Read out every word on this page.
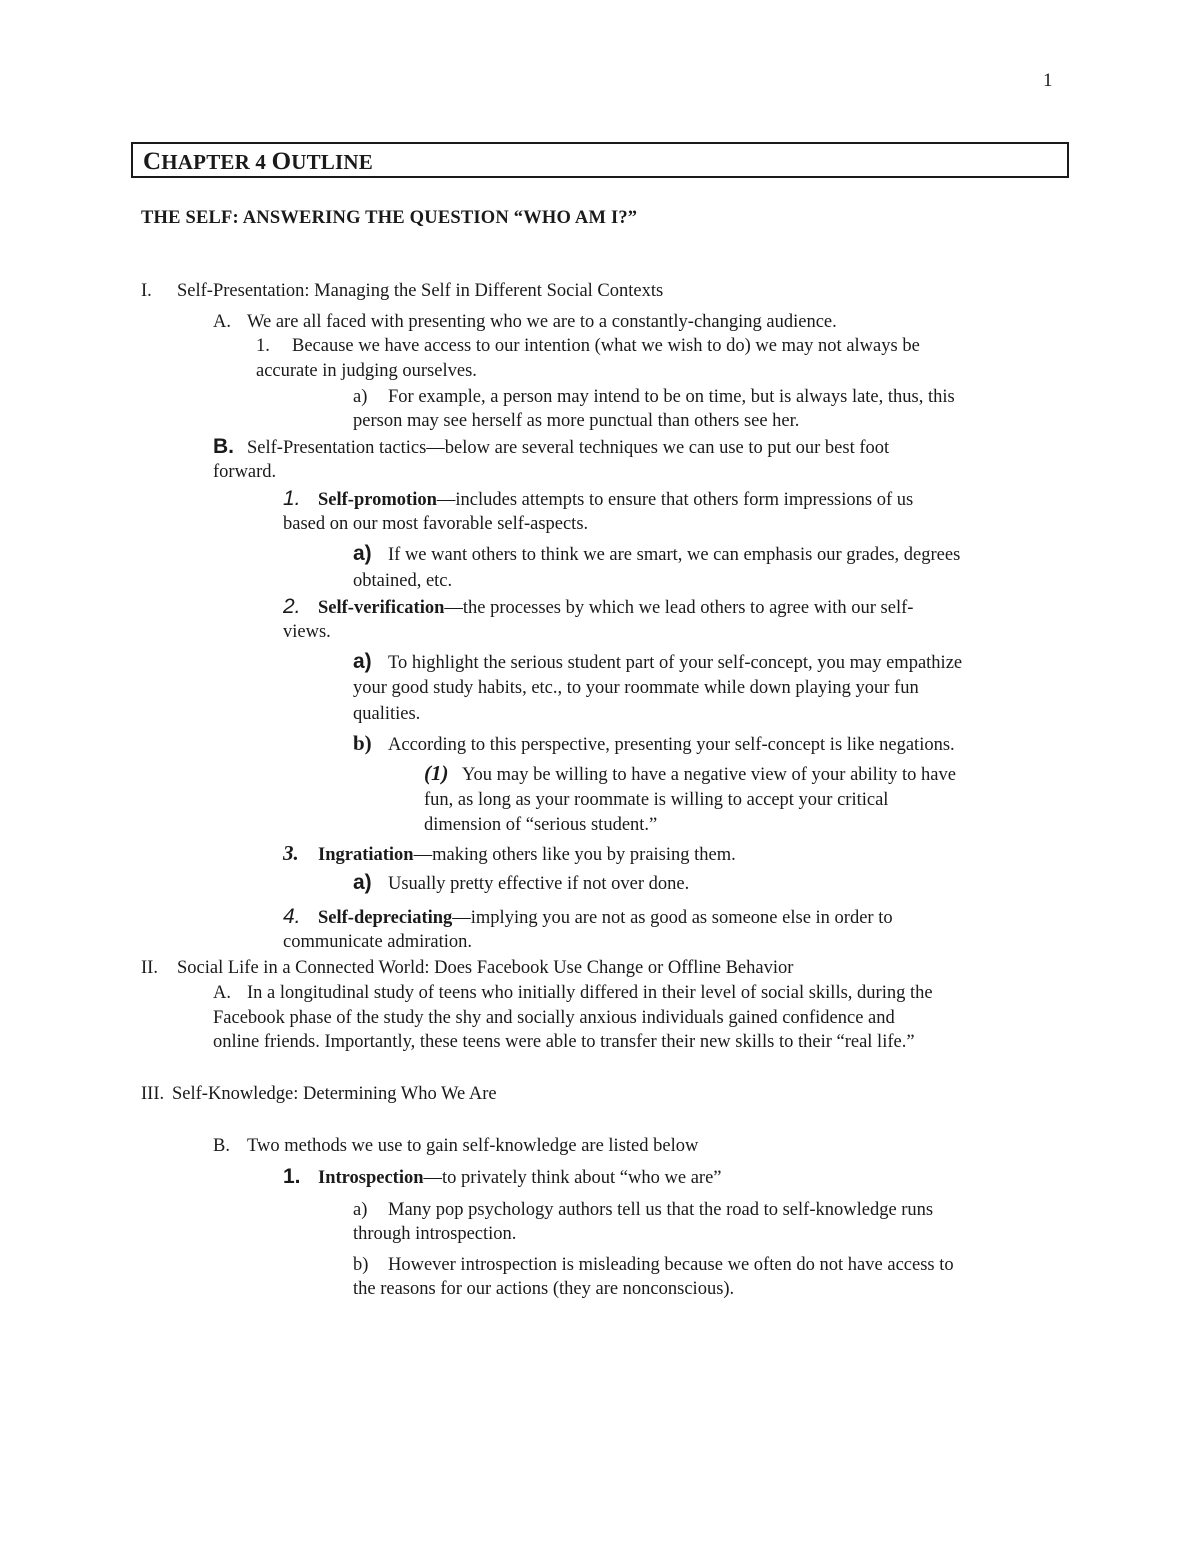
1
CHAPTER 4 OUTLINE
THE SELF: ANSWERING THE QUESTION “WHO AM I?”
I. Self-Presentation: Managing the Self in Different Social Contexts
A. We are all faced with presenting who we are to a constantly-changing audience.
1. Because we have access to our intention (what we wish to do) we may not always be
accurate in judging ourselves.
a) For example, a person may intend to be on time, but is always late, thus, this
person may see herself as more punctual than others see her.
B. Self-Presentation tactics—below are several techniques we can use to put our best foot
forward.
1. Self-promotion—includes attempts to ensure that others form impressions of us
based on our most favorable self-aspects.
a) If we want others to think we are smart, we can emphasis our grades, degrees
obtained, etc.
2. Self-verification—the processes by which we lead others to agree with our self-
views.
a) To highlight the serious student part of your self-concept, you may empathize
your good study habits, etc., to your roommate while down playing your fun
qualities.
b) According to this perspective, presenting your self-concept is like negations.
(1) You may be willing to have a negative view of your ability to have
fun, as long as your roommate is willing to accept your critical
dimension of “serious student.”
3. Ingratiation—making others like you by praising them.
a) Usually pretty effective if not over done.
4. Self-depreciating—implying you are not as good as someone else in order to
communicate admiration.
II. Social Life in a Connected World: Does Facebook Use Change or Offline Behavior
A. In a longitudinal study of teens who initially differed in their level of social skills, during the
Facebook phase of the study the shy and socially anxious individuals gained confidence and
online friends. Importantly, these teens were able to transfer their new skills to their “real life.”
III. Self-Knowledge: Determining Who We Are
B. Two methods we use to gain self-knowledge are listed below
1. Introspection—to privately think about “who we are”
a) Many pop psychology authors tell us that the road to self-knowledge runs
through introspection.
b) However introspection is misleading because we often do not have access to
the reasons for our actions (they are nonconscious).
